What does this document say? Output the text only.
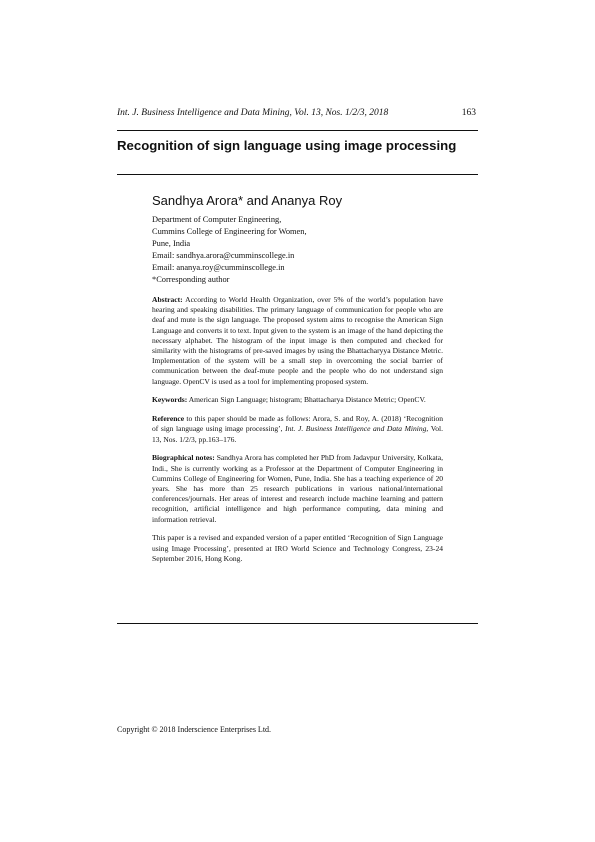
Int. J. Business Intelligence and Data Mining, Vol. 13, Nos. 1/2/3, 2018	163
Recognition of sign language using image processing
Sandhya Arora* and Ananya Roy
Department of Computer Engineering,
Cummins College of Engineering for Women,
Pune, India
Email: sandhya.arora@cumminscollege.in
Email: ananya.roy@cumminscollege.in
*Corresponding author

Abstract: According to World Health Organization, over 5% of the world’s population have hearing and speaking disabilities. The primary language of communication for people who are deaf and mute is the sign language. The proposed system aims to recognise the American Sign Language and converts it to text. Input given to the system is an image of the hand depicting the necessary alphabet. The histogram of the input image is then computed and checked for similarity with the histograms of pre-saved images by using the Bhattacharyya Distance Metric. Implementation of the system will be a small step in overcoming the social barrier of communication between the deaf-mute people and the people who do not understand sign language. OpenCV is used as a tool for implementing proposed system.

Keywords: American Sign Language; histogram; Bhattacharya Distance Metric; OpenCV.

Reference to this paper should be made as follows: Arora, S. and Roy, A. (2018) ‘Recognition of sign language using image processing’, Int. J. Business Intelligence and Data Mining, Vol. 13, Nos. 1/2/3, pp.163–176.

Biographical notes: Sandhya Arora has completed her PhD from Jadavpur University, Kolkata, Indi., She is currently working as a Professor at the Department of Computer Engineering in Cummins College of Engineering for Women, Pune, India. She has a teaching experience of 20 years. She has more than 25 research publications in various national/international conferences/journals. Her areas of interest and research include machine learning and pattern recognition, artificial intelligence and high performance computing, data mining and information retrieval.

This paper is a revised and expanded version of a paper entitled ‘Recognition of Sign Language using Image Processing’, presented at IRO World Science and Technology Congress, 23-24 September 2016, Hong Kong.

Copyright © 2018 Inderscience Enterprises Ltd.
